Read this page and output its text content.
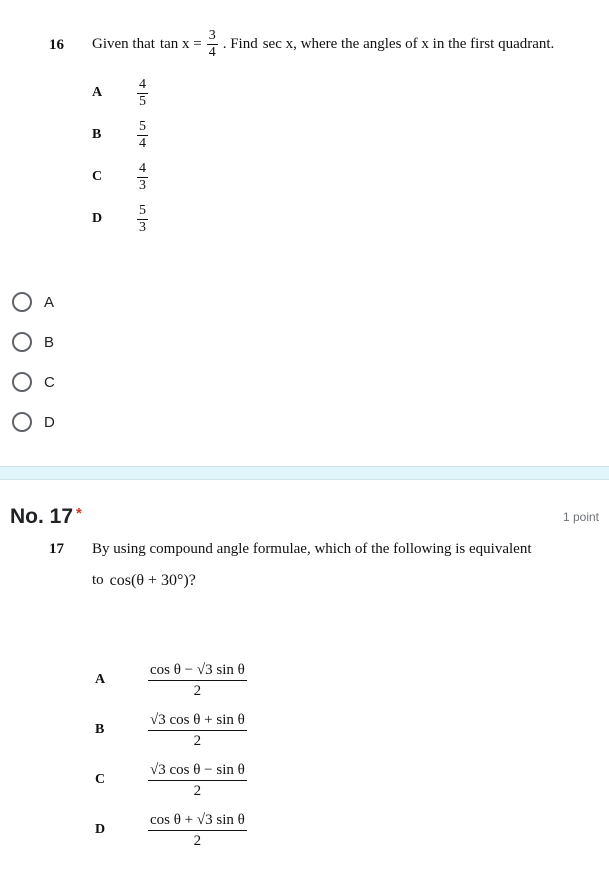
16 Given that $\tan x = \frac{3}{4}$ . Find sec x , where the angles of x in the first quadrant.
A	$\frac{4}{5}$
B	$\frac{5}{4}$
C	$\frac{4}{3}$
D	$\frac{5}{3}$
A
B
C
D
No. 17 *	1 point
17 By using compound angle formulae, which of the following is equivalent
to cos(θ + 30°)?
A	$\frac{\text{cos θ − √3 sin θ}}{2}$
B	$\frac{\text{√3 cos θ + sin θ}}{2}$
C	$\frac{\text{√3 cos θ − sin θ}}{2}$
D	$\frac{\text{cos θ + √3 sin θ}}{2}$
